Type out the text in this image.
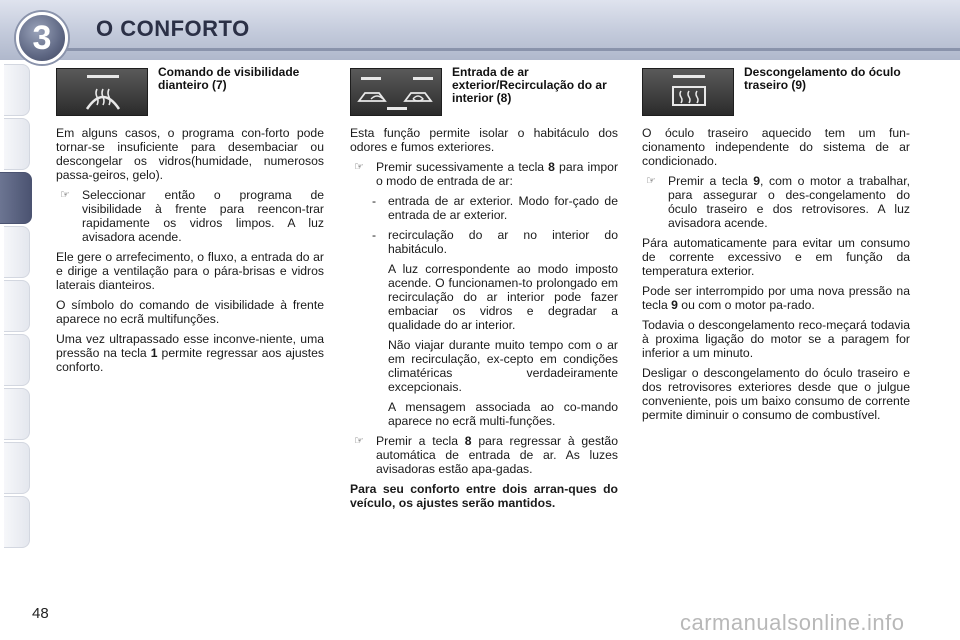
3 O CONFORTO
Comando de visibilidade dianteiro (7)

Em alguns casos, o programa con-forto pode tornar-se insuficiente para desembaciar ou descongelar os vidros(humidade, numerosos passa-geiros, gelo).

☞ Seleccionar então o programa de visibilidade à frente para reencon-trar rapidamente os vidros limpos. A luz avisadora acende.

Ele gere o arrefecimento, o fluxo, a entrada do ar e dirige a ventilação para o pára-brisas e vidros laterais dianteiros.

O símbolo do comando de visibilidade à frente aparece no ecrã multifunções.

Uma vez ultrapassado esse inconve-niente, uma pressão na tecla 1 permite regressar aos ajustes conforto.

Entrada de ar exterior/Recirculação do ar interior (8)

Esta função permite isolar o habitáculo dos odores e fumos exteriores.

☞ Premir sucessivamente a tecla 8 para impor o modo de entrada de ar:
- entrada de ar exterior. Modo for-çado de entrada de ar exterior.
- recirculação do ar no interior do habitáculo.
A luz correspondente ao modo imposto acende. O funcionamen-to prolongado em recirculação do ar interior pode fazer embaciar os vidros e degradar a qualidade do ar interior.
Não viajar durante muito tempo com o ar em recirculação, ex-cepto em condições climatéricas verdadeiramente excepcionais.
A mensagem associada ao co-mando aparece no ecrã multi-funções.
☞ Premir a tecla 8 para regressar à gestão automática de entrada de ar. As luzes avisadoras estão apa-gadas.

Para seu conforto entre dois arran-ques do veículo, os ajustes serão mantidos.

Descongelamento do óculo traseiro (9)

O óculo traseiro aquecido tem um fun-cionamento independente do sistema de ar condicionado.

☞ Premir a tecla 9, com o motor a trabalhar, para assegurar o des-congelamento do óculo traseiro e dos retrovisores. A luz avisadora acende.

Pára automaticamente para evitar um consumo de corrente excessivo e em função da temperatura exterior.

Pode ser interrompido por uma nova pressão na tecla 9 ou com o motor pa-rado.

Todavia o descongelamento reco-meçará todavia à proxima ligação do motor se a paragem for inferior a um minuto.

Desligar o descongelamento do óculo traseiro e dos retrovisores exteriores desde que o julgue conveniente, pois um baixo consumo de corrente permite diminuir o consumo de combustível.

48	carmanualsonline.info
